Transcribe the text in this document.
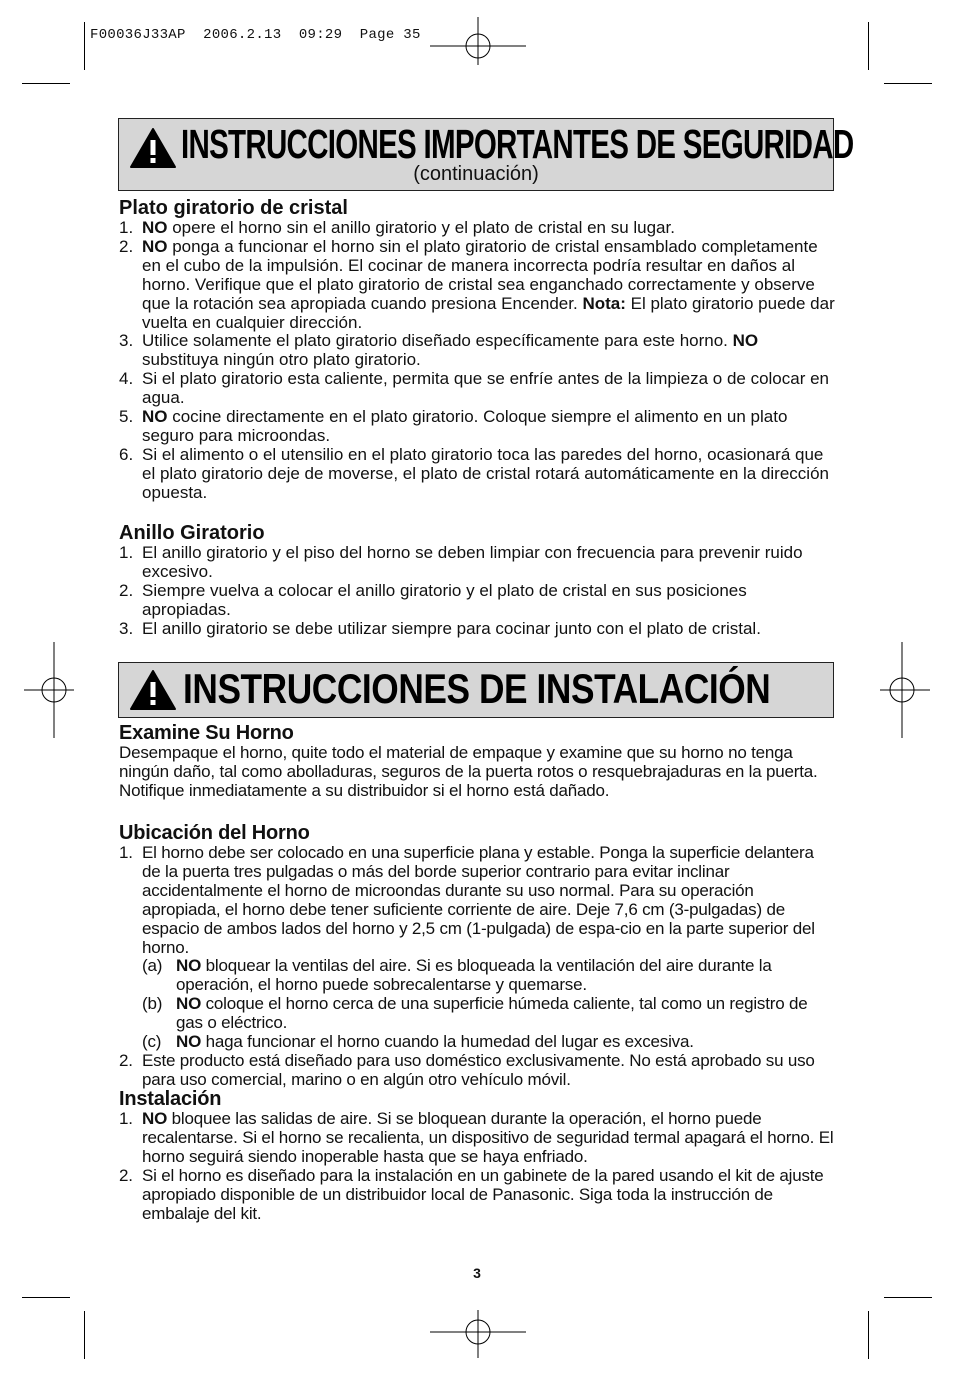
F00036J33AP  2006.2.13  09:29  Page 35
INSTRUCCIONES IMPORTANTES DE SEGURIDAD
(continuación)
Plato giratorio de cristal
1. NO opere el horno sin el anillo giratorio y el plato de cristal en su lugar.
2. NO ponga a funcionar el horno sin el plato giratorio de cristal ensamblado completamente en el cubo de la impulsión. El cocinar de manera incorrecta podría resultar en daños al horno. Verifique que el plato giratorio de cristal sea enganchado correctamente y observe que la rotación sea apropiada cuando presiona Encender. Nota: El plato giratorio puede dar vuelta en cualquier dirección.
3. Utilice solamente el plato giratorio diseñado específicamente para este horno. NO substituya ningún otro plato giratorio.
4. Si el plato giratorio esta caliente, permita que se enfríe antes de la limpieza o de colocar en agua.
5. NO cocine directamente en el plato giratorio. Coloque siempre el alimento en un plato seguro para microondas.
6. Si el alimento o el utensilio en el plato giratorio toca las paredes del horno, ocasionará que el plato giratorio deje de moverse, el plato de cristal rotará automáticamente en la dirección opuesta.
Anillo Giratorio
1. El anillo giratorio y el piso del horno se deben limpiar con frecuencia para prevenir ruido excesivo.
2. Siempre vuelva a colocar el anillo giratorio y el plato de cristal en sus posiciones apropiadas.
3. El anillo giratorio se debe utilizar siempre para cocinar junto con el plato de cristal.
INSTRUCCIONES DE INSTALACIÓN
Examine Su Horno
Desempaque el horno, quite todo el material de empaque y examine que su horno no tenga ningún daño, tal como abolladuras, seguros de la puerta rotos o resquebrajaduras en la puerta. Notifique inmediatamente a su distribuidor si el horno está dañado.
Ubicación del Horno
1. El horno debe ser colocado en una superficie plana y estable. Ponga la superficie delantera de la puerta tres pulgadas o más del borde superior contrario para evitar inclinar accidentalmente el horno de microondas durante su uso normal. Para su operación apropiada, el horno debe tener suficiente corriente de aire. Deje 7,6 cm (3-pulgadas) de espacio de ambos lados del horno y 2,5 cm (1-pulgada) de espa-cio en la parte superior del horno.
(a) NO bloquear la ventilas del aire. Si es bloqueada la ventilación del aire durante la operación, el horno puede sobrecalentarse y quemarse.
(b) NO coloque el horno cerca de una superficie húmeda caliente, tal como un registro de gas o eléctrico.
(c) NO haga funcionar el horno cuando la humedad del lugar es excesiva.
2. Este producto está diseñado para uso doméstico exclusivamente. No está aprobado su uso para uso comercial, marino o en algún otro vehículo móvil.
Instalación
1. NO bloquee las salidas de aire. Si se bloquean durante la operación, el horno puede recalentarse. Si el horno se recalienta, un dispositivo de seguridad termal apagará el horno. El horno seguirá siendo inoperable hasta que se haya enfriado.
2. Si el horno es diseñado para la instalación en un gabinete de la pared usando el kit de ajuste apropiado disponible de un distribuidor local de Panasonic. Siga toda la instrucción de embalaje del kit.
3
